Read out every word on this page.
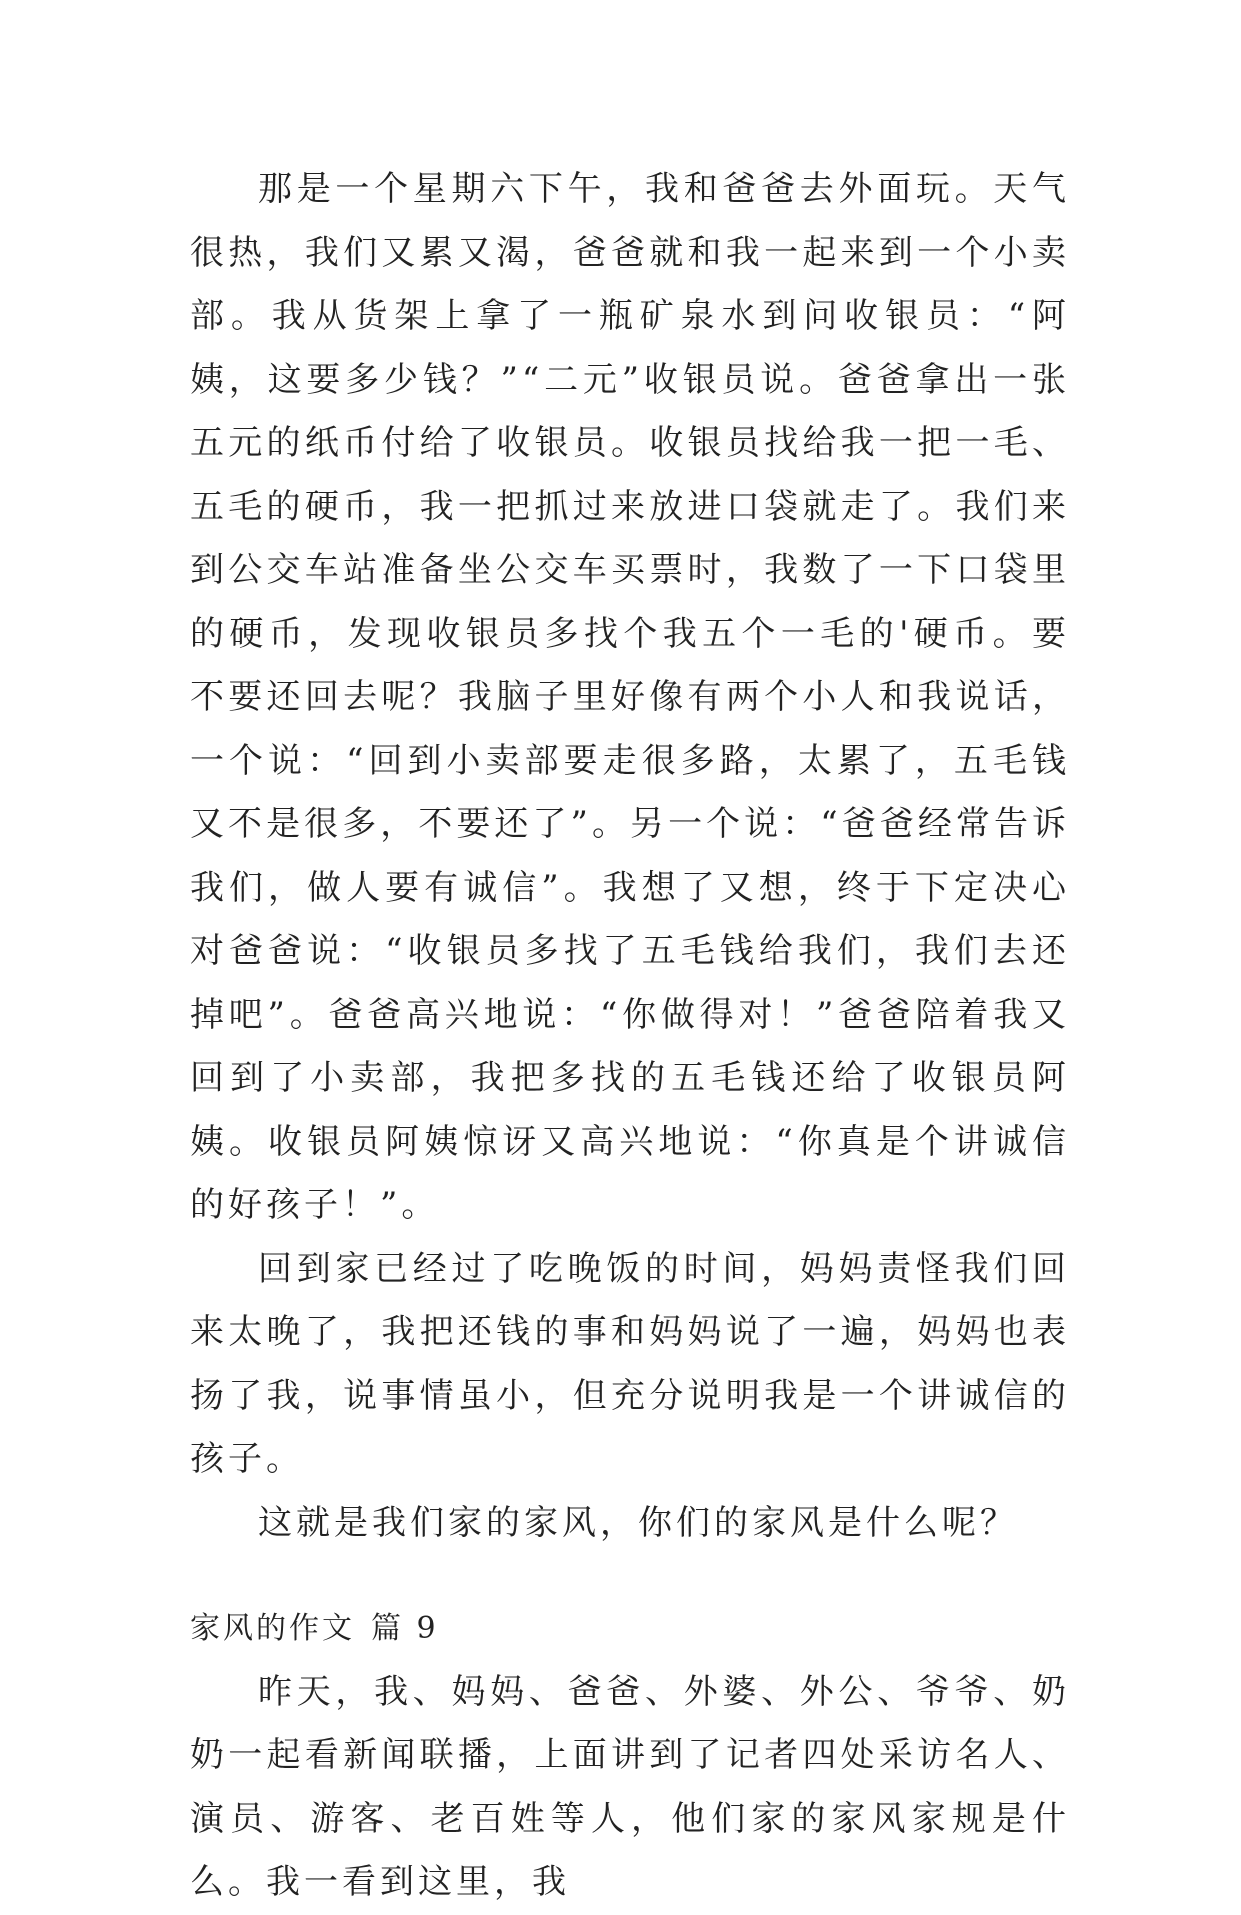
那是一个星期六下午，我和爸爸去外面玩。天气很热，我们又累又渴，爸爸就和我一起来到一个小卖部。我从货架上拿了一瓶矿泉水到问收银员：“阿姨，这要多少钱？”“二元”收银员说。爸爸拿出一张五元的纸币付给了收银员。收银员找给我一把一毛、五毛的硬币，我一把抓过来放进口袋就走了。我们来到公交车站准备坐公交车买票时，我数了一下口袋里的硬币，发现收银员多找个我五个一毛的'硬币。要不要还回去呢？我脑子里好像有两个小人和我说话，一个说：“回到小卖部要走很多路，太累了，五毛钱又不是很多，不要还了”。另一个说：“爸爸经常告诉我们，做人要有诚信”。我想了又想，终于下定决心对爸爸说：“收银员多找了五毛钱给我们，我们去还掉吧”。爸爸高兴地说：“你做得对！”爸爸陪着我又回到了小卖部，我把多找的五毛钱还给了收银员阿姨。收银员阿姨惊讶又高兴地说：“你真是个讲诚信的好孩子！”。

回到家已经过了吃晚饭的时间，妈妈责怪我们回来太晚了，我把还钱的事和妈妈说了一遍，妈妈也表扬了我，说事情虽小，但充分说明我是一个讲诚信的孩子。

这就是我们家的家风，你们的家风是什么呢？

家风的作文 篇 9

昨天，我、妈妈、爸爸、外婆、外公、爷爷、奶奶一起看新闻联播，上面讲到了记者四处采访名人、演员、游客、老百姓等人，他们家的家风家规是什么。我一看到这里，我
